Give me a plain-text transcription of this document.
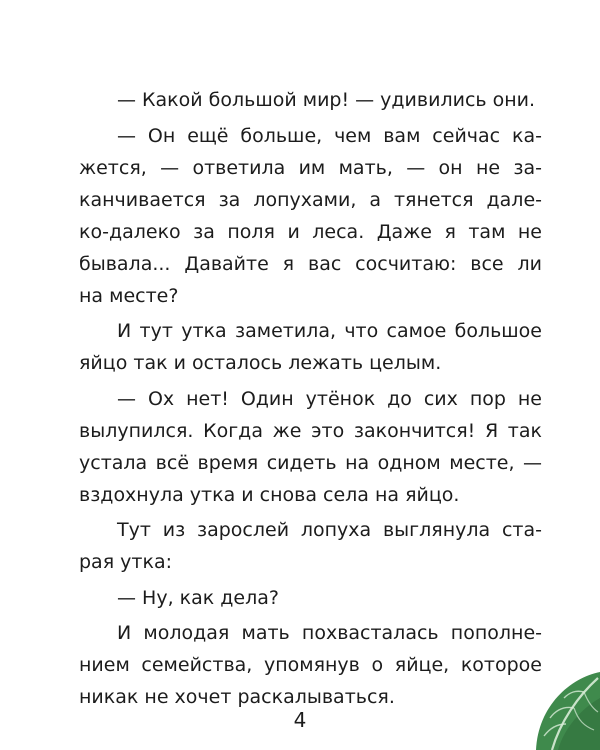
— Какой большой мир! — удивились они.
— Он ещё больше, чем вам сейчас ка-
жется, — ответила им мать, — он не за-
канчивается за лопухами, а тянется дале-
ко-далеко за поля и леса. Даже я там не
бывала... Давайте я вас сосчитаю: все ли
на месте?
И тут утка заметила, что самое большое
яйцо так и осталось лежать целым.
— Ох нет! Один утёнок до сих пор не
вылупился. Когда же это закончится! Я так
устала всё время сидеть на одном месте, —
вздохнула утка и снова села на яйцо.
Тут из зарослей лопуха выглянула ста-
рая утка:
— Ну, как дела?
И молодая мать похвасталась пополне-
нием семейства, упомянув о яйце, которое
никак не хочет раскалываться.
4
